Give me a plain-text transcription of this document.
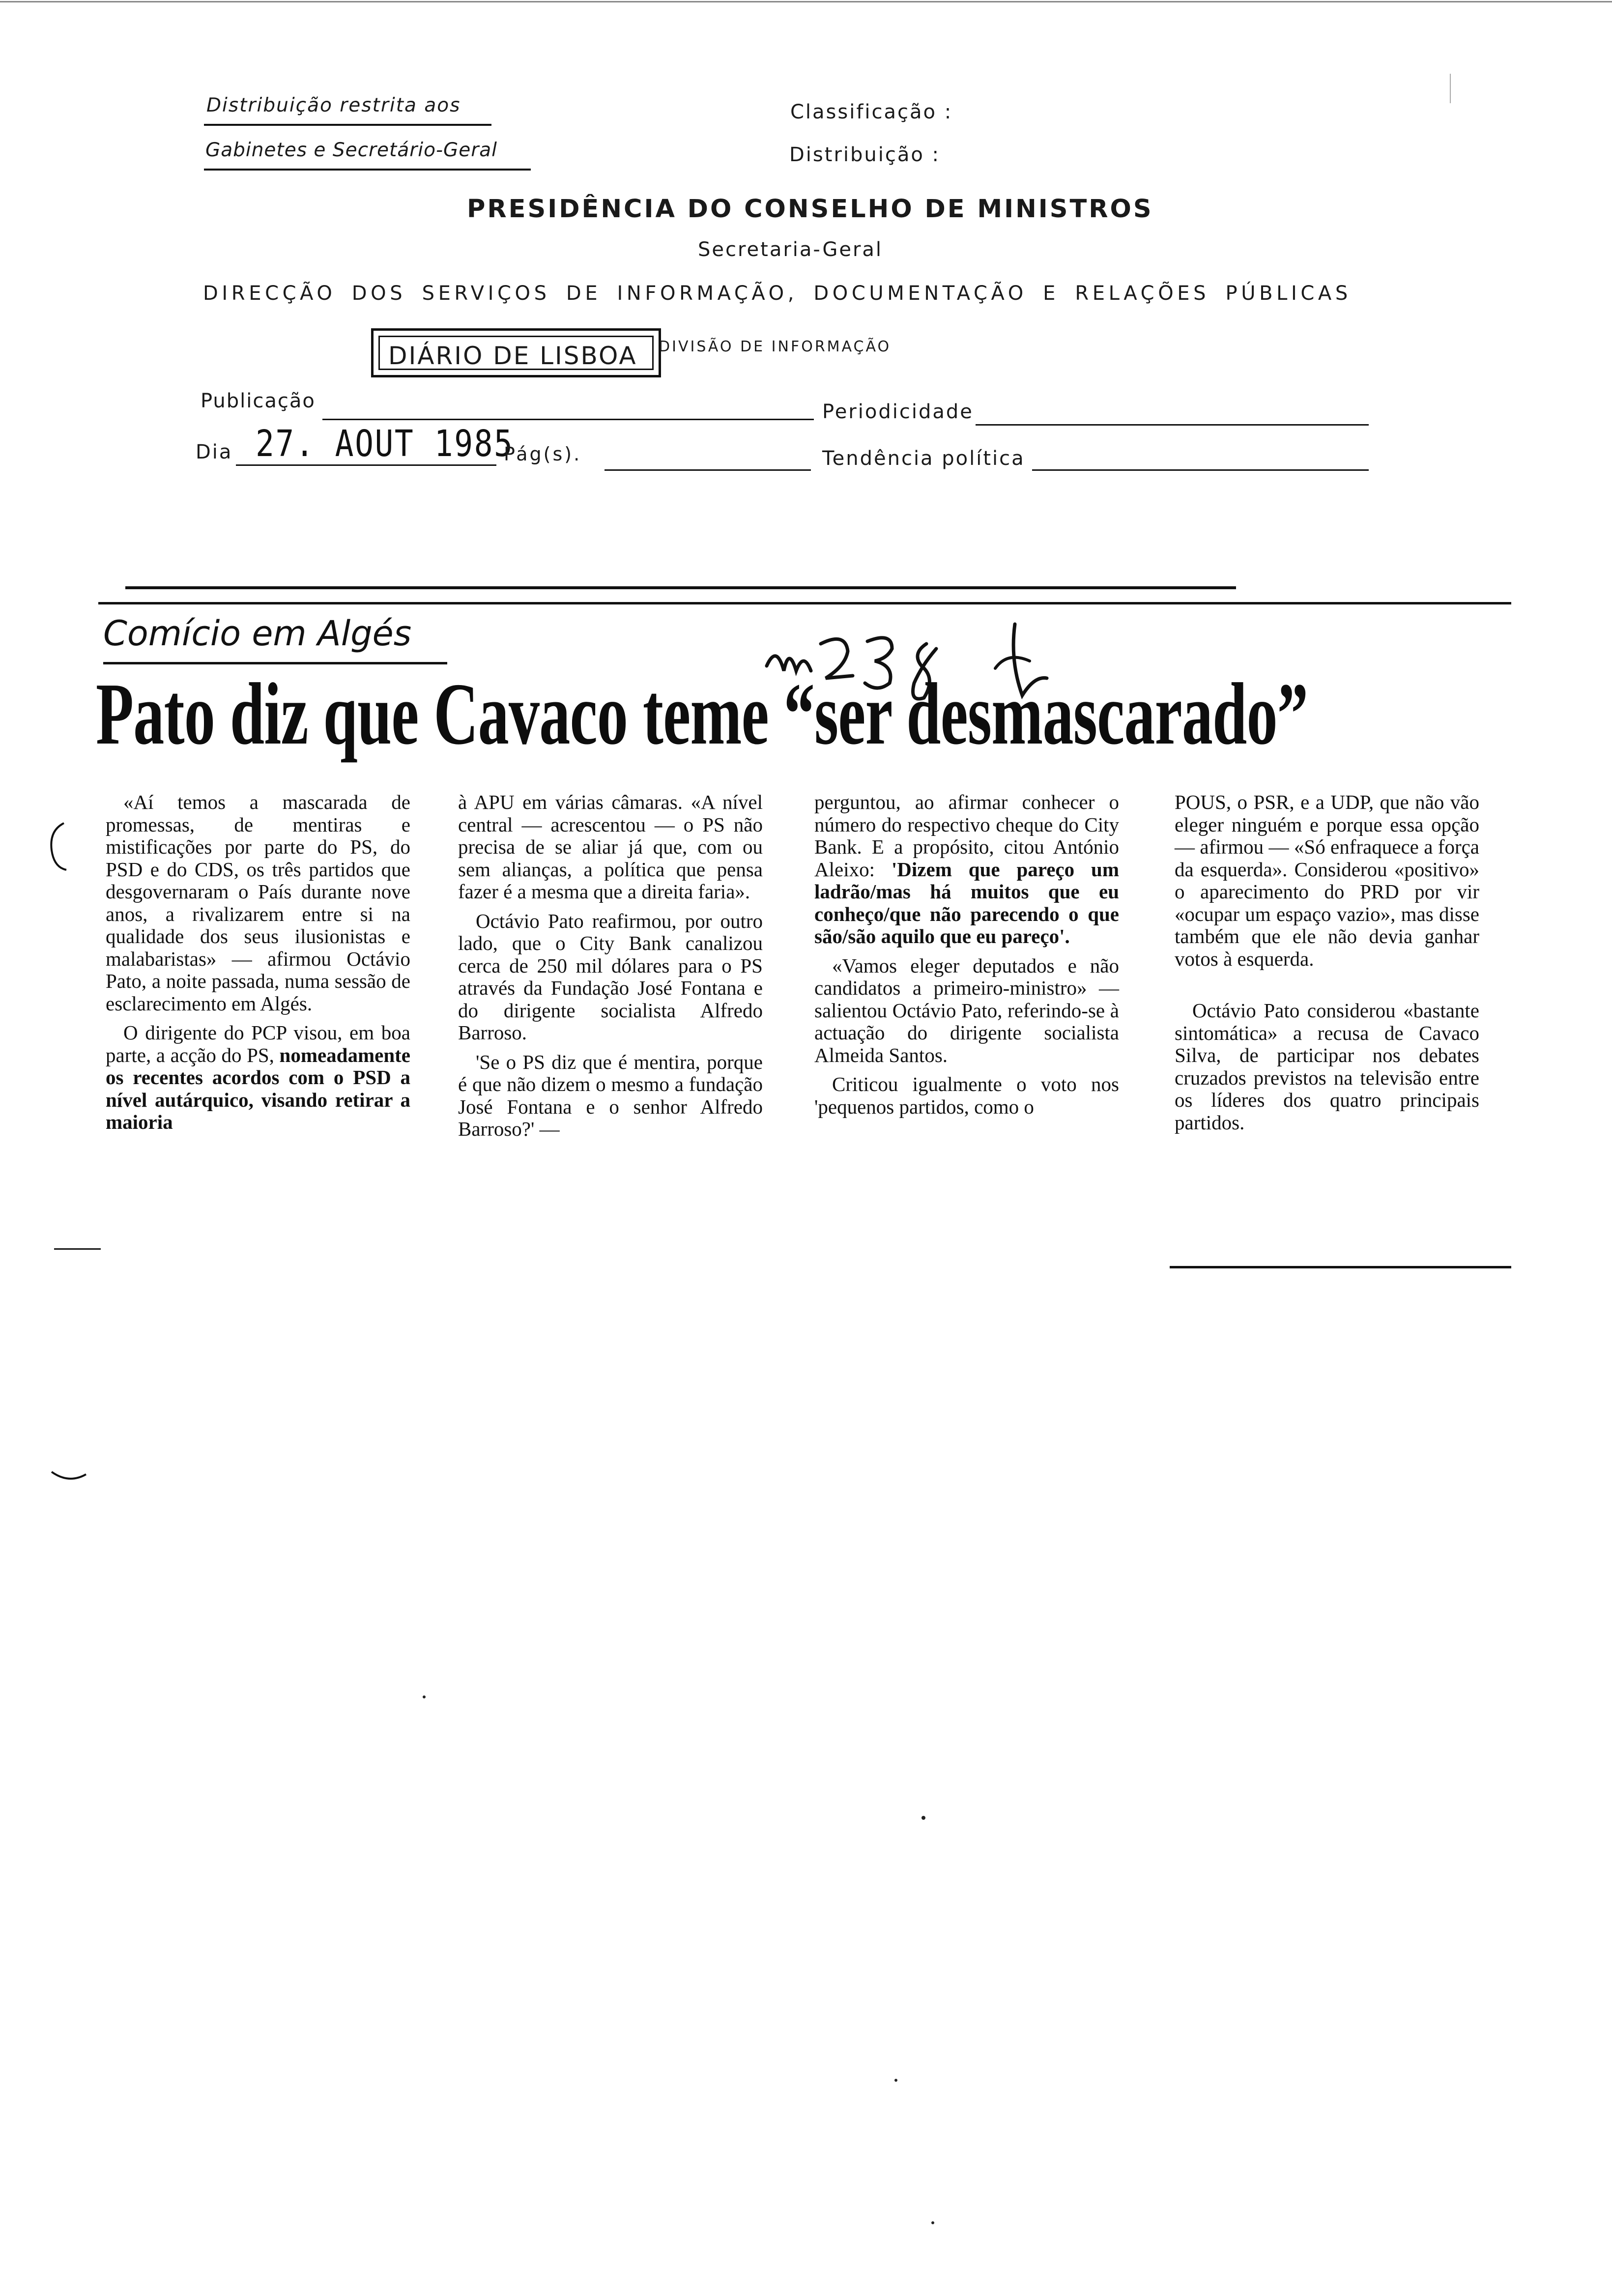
Distribuição restrita aos
Gabinetes e Secretário-Geral
Classificação :
Distribuição :
PRESIDÊNCIA DO CONSELHO DE MINISTROS
Secretaria-Geral
DIRECÇÃO DOS SERVIÇOS DE INFORMAÇÃO, DOCUMENTAÇÃO E RELAÇÕES PÚBLICAS
DIÁRIO DE LISBOA DIVISÃO DE INFORMAÇÃO
Publicação	Periodicidade
Dia 27. AOUT 1985
Pág(s).	Tendência política
Comício em Algés
Pato diz que Cavaco teme “ser desmascarado”

«Aí temos a mascarada de promessas, de mentiras e mistificações por parte do PS, do PSD e do CDS, os três partidos que desgovernaram o País durante nove anos, a rivalizarem entre si na qualidade dos seus ilusionistas e malabaristas» — afirmou Octávio Pato, a noite passada, numa sessão de esclarecimento em Algés.

O dirigente do PCP visou, em boa parte, a acção do PS, nomeadamente os recentes acordos com o PSD a nível autárquico, visando retirar a maioria

à APU em várias câmaras. «A nível central — acrescentou — o PS não precisa de se aliar já que, com ou sem alianças, a política que pensa fazer é a mesma que a direita faria».

Octávio Pato reafirmou, por outro lado, que o City Bank canalizou cerca de 250 mil dólares para o PS através da Fundação José Fontana e do dirigente socialista Alfredo Barroso.

'Se o PS diz que é mentira, porque é que não dizem o mesmo a fundação José Fontana e o senhor Alfredo Barroso?' —

perguntou, ao afirmar conhecer o número do respectivo cheque do City Bank. E a propósito, citou António Aleixo: 'Dizem que pareço um ladrão/mas há muitos que eu conheço/que não parecendo o que são/são aquilo que eu pareço'.

«Vamos eleger deputados e não candidatos a primeiro-ministro» — salientou Octávio Pato, referindo-se à actuação do dirigente socialista Almeida Santos.

Criticou igualmente o voto nos 'pequenos partidos, como o

POUS, o PSR, e a UDP, que não vão eleger ninguém e porque essa opção — afirmou — «Só enfraquece a força da esquerda». Considerou «positivo» o aparecimento do PRD por vir «ocupar um espaço vazio», mas disse também que ele não devia ganhar votos à esquerda.

Octávio Pato considerou «bastante sintomática» a recusa de Cavaco Silva, de participar nos debates cruzados previstos na televisão entre os líderes dos quatro principais partidos.
